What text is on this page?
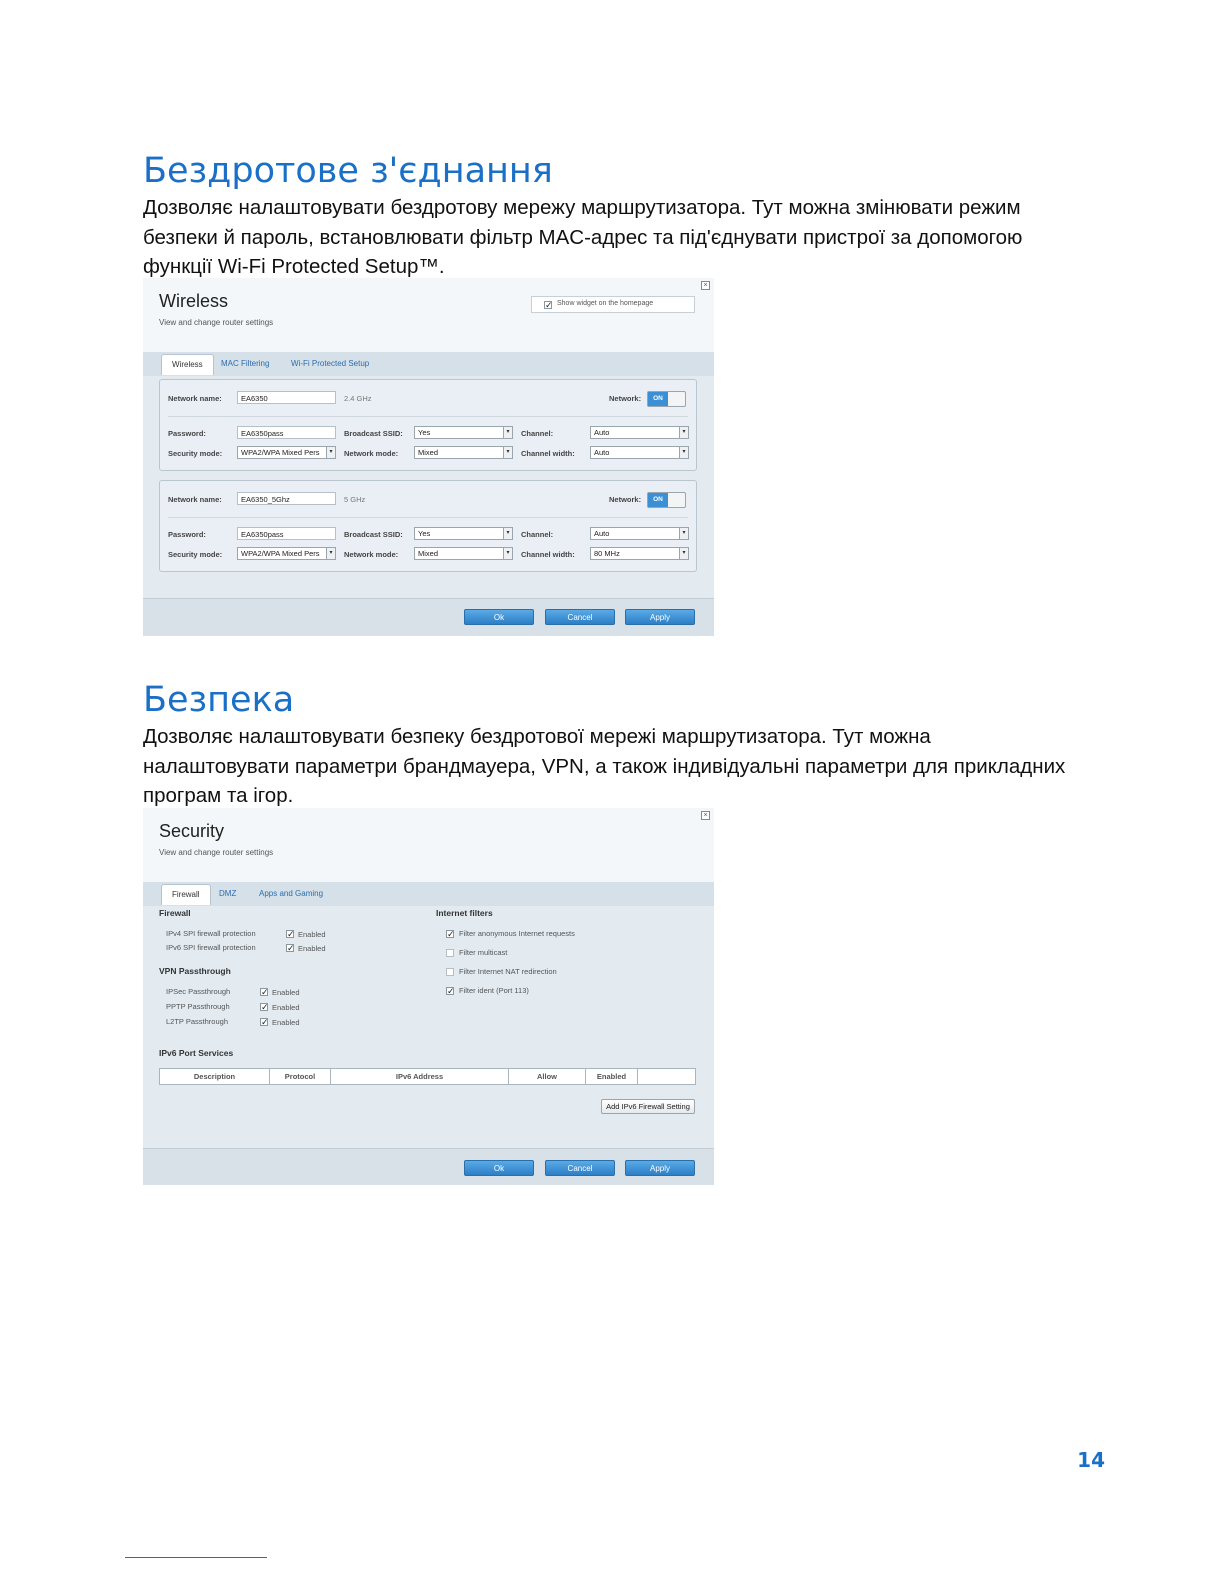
Бездротове з'єднання
Дозволяє налаштовувати бездротову мережу маршрутизатора. Тут можна змінювати режим
безпеки й пароль, встановлювати фільтр MAC-адрес та під'єднувати пристрої за допомогою
функції Wi-Fi Protected Setup™.
Wireless
View and change router settings
×
✓ Show widget on the homepage
Wireless	MAC Filtering	Wi-Fi Protected Setup
Network name:	EA6350	2.4 GHz	Network:	ON
Password:	EA6350pass	Broadcast SSID:	Yes	▾	Channel:	Auto	▾
Security mode:	WPA2/WPA Mixed Pers	▾	Network mode:	Mixed	▾	Channel width:	Auto	▾
Network name:	EA6350_5Ghz	5 GHz	Network:	ON
Password:	EA6350pass	Broadcast SSID:	Yes	▾	Channel:	Auto	▾
Security mode:	WPA2/WPA Mixed Pers	▾	Network mode:	Mixed	▾	Channel width:	80 MHz	▾
Ok	Cancel	Apply
Безпека
Дозволяє налаштовувати безпеку бездротової мережі маршрутизатора. Тут можна
налаштовувати параметри брандмауера, VPN, а також індивідуальні параметри для прикладних
програм та ігор.
Security
View and change router settings
×
Firewall	DMZ	Apps and Gaming
Firewall
IPv4 SPI firewall protection	✓ Enabled
IPv6 SPI firewall protection	✓ Enabled
VPN Passthrough
IPSec Passthrough	✓ Enabled
PPTP Passthrough	✓ Enabled
L2TP Passthrough	✓ Enabled
Internet filters
✓ Filter anonymous Internet requests
Filter multicast
Filter Internet NAT redirection
✓ Filter ident (Port 113)
IPv6 Port Services
Description	Protocol	IPv6 Address	Allow	Enabled
Add IPv6 Firewall Setting
Ok	Cancel	Apply
14
